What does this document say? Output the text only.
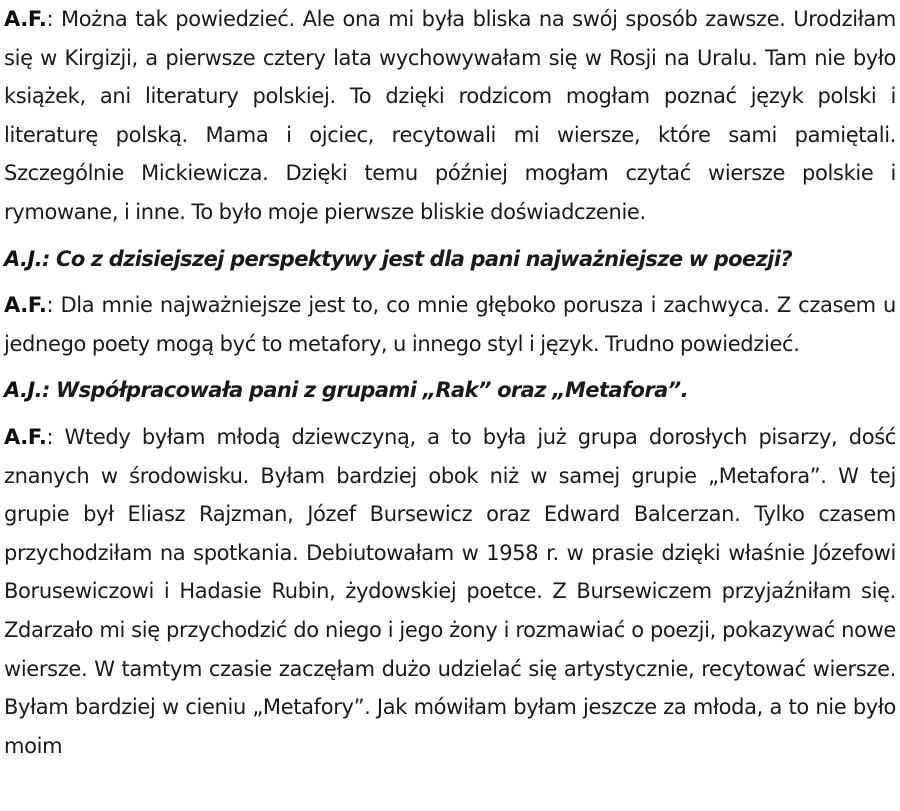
A.F.: Można tak powiedzieć. Ale ona mi była bliska na swój sposób zawsze. Urodziłam się w Kirgizji, a pierwsze cztery lata wychowywałam się w Rosji na Uralu. Tam nie było książek, ani literatury polskiej. To dzięki rodzicom mogłam poznać język polski i literaturę polską. Mama i ojciec, recytowali mi wiersze, które sami pamiętali. Szczególnie Mickiewicza. Dzięki temu później mogłam czytać wiersze polskie i rymowane, i inne. To było moje pierwsze bliskie doświadczenie.

A.J.: Co z dzisiejszej perspektywy jest dla pani najważniejsze w poezji?

A.F.: Dla mnie najważniejsze jest to, co mnie głęboko porusza i zachwyca. Z czasem u jednego poety mogą być to metafory, u innego styl i język. Trudno powiedzieć.

A.J.: Współpracowała pani z grupami „Rak” oraz „Metafora”.

A.F.: Wtedy byłam młodą dziewczyną, a to była już grupa dorosłych pisarzy, dość znanych w środowisku. Byłam bardziej obok niż w samej grupie „Metafora”. W tej grupie był Eliasz Rajzman, Józef Bursewicz oraz Edward Balcerzan. Tylko czasem przychodziłam na spotkania. Debiutowałam w 1958 r. w prasie dzięki właśnie Józefowi Borusewiczowi i Hadasie Rubin, żydowskiej poetce. Z Bursewiczem przyjaźniłam się. Zdarzało mi się przychodzić do niego i jego żony i rozmawiać o poezji, pokazywać nowe wiersze. W tamtym czasie zaczęłam dużo udzielać się artystycznie, recytować wiersze. Byłam bardziej w cieniu „Metafory”. Jak mówiłam byłam jeszcze za młoda, a to nie było moim
